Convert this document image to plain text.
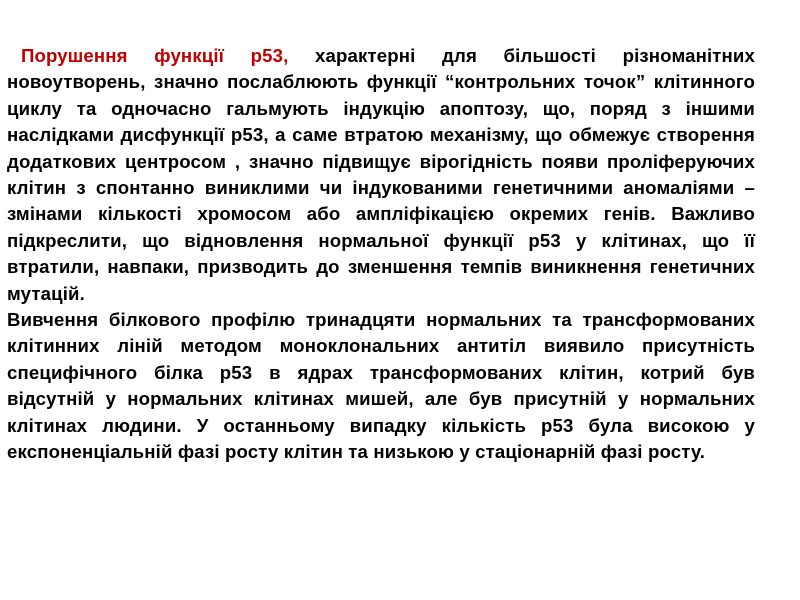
Порушення функції р53, характерні для більшості різноманітних новоутворень, значно послаблюють функції “контрольних точок” клітинного циклу та одночасно гальмують індукцію апоптозу, що, поряд з іншими наслідками дисфункції р53, а саме втратою механізму, що обмежує створення додаткових центросом , значно підвищує вірогідність появи проліферуючих клітин з спонтанно виниклими чи індукованими генетичними аномаліями – змінами кількості хромосом або ампліфікацією окремих генів. Важливо підкреслити, що відновлення нормальної функції р53 у клітинах, що її втратили, навпаки, призводить до зменшення темпів виникнення генетичних мутацій.

Вивчення білкового профілю тринадцяти нормальних та трансформованих клітинних ліній методом моноклональних антитіл виявило присутність специфічного білка р53 в ядрах трансформованих клітин, котрий був відсутній у нормальних клітинах мишей, але був присутній у нормальних клітинах людини. У останньому випадку кількість р53 була високою у експоненціальній фазі росту клітин та низькою у стаціонарній фазі росту.
